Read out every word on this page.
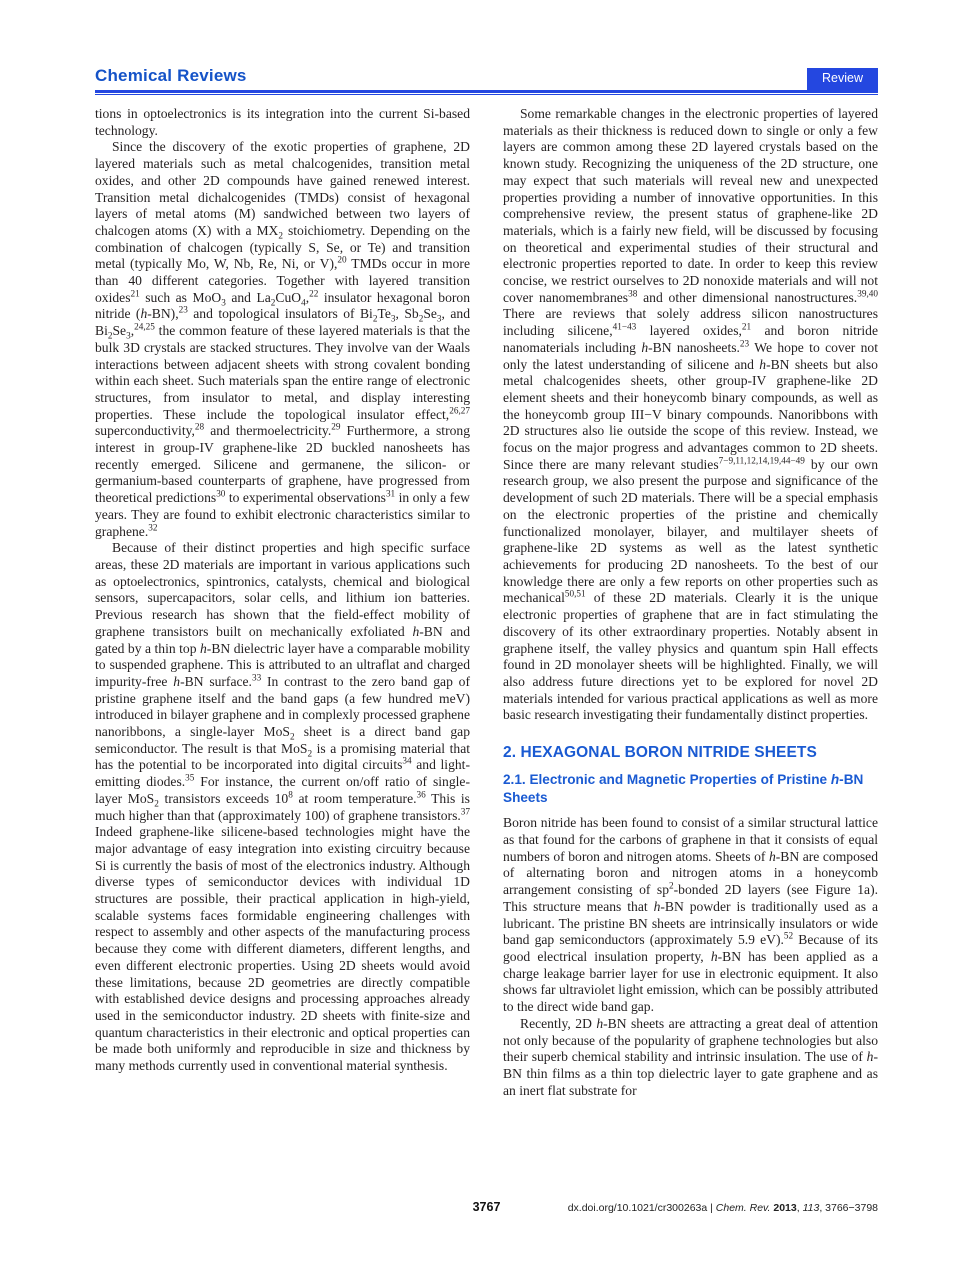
Chemical Reviews	Review

tions in optoelectronics is its integration into the current Si-based technology.

Since the discovery of the exotic properties of graphene, 2D layered materials such as metal chalcogenides, transition metal oxides, and other 2D compounds have gained renewed interest. Transition metal dichalcogenides (TMDs) consist of hexagonal layers of metal atoms (M) sandwiched between two layers of chalcogen atoms (X) with a $MX_2$ stoichiometry. Depending on the combination of chalcogen (typically S, Se, or Te) and transition metal (typically Mo, W, Nb, Re, Ni, or V),$^{20}$ TMDs occur in more than 40 different categories. Together with layered transition oxides$^{21}$ such as MoO$_3$ and $La_2CuO_4,^{22}$ insulator hexagonal boron nitride (h-BN),$^{23}$ and topological insulators of $Bi_2Te_3$, $Sb_2Se_3$, and $Bi_2Se_3,^{24,25}$ the common feature of these layered materials is that the bulk 3D crystals are stacked structures. They involve van der Waals interactions between adjacent sheets with strong covalent bonding within each sheet. Such materials span the entire range of electronic structures, from insulator to metal, and display interesting properties. These include the topological insulator effect,$^{26,27}$ superconductivity,$^{28}$ and thermoelectricity.$^{29}$ Furthermore, a strong interest in group-IV graphene-like 2D buckled nanosheets has recently emerged. Silicene and germanene, the silicon- or germanium-based counterparts of graphene, have progressed from theoretical predictions$^{30}$ to experimental observations$^{31}$ in only a few years. They are found to exhibit electronic characteristics similar to graphene.$^{32}$

Because of their distinct properties and high specific surface areas, these 2D materials are important in various applications such as optoelectronics, spintronics, catalysts, chemical and biological sensors, supercapacitors, solar cells, and lithium ion batteries. Previous research has shown that the field-effect mobility of graphene transistors built on mechanically exfoliated h-BN and gated by a thin top h-BN dielectric layer have a comparable mobility to suspended graphene. This is attributed to an ultraflat and charged impurity-free h-BN surface.$^{33}$ In contrast to the zero band gap of pristine graphene itself and the band gaps (a few hundred meV) introduced in bilayer graphene and in complexly processed graphene nanoribbons, a single-layer MoS$_2$ sheet is a direct band gap semiconductor. The result is that MoS$_2$ is a promising material that has the potential to be incorporated into digital circuits$^{34}$ and light-emitting diodes.$^{35}$ For instance, the current on/off ratio of single-layer MoS$_2$ transistors exceeds $10^8$ at room temperature.$^{36}$ This is much higher than that (approximately 100) of graphene transistors.$^{37}$ Indeed graphene-like silicene-based technologies might have the major advantage of easy integration into existing circuitry because Si is currently the basis of most of the electronics industry. Although diverse types of semiconductor devices with individual 1D structures are possible, their practical application in high-yield, scalable systems faces formidable engineering challenges with respect to assembly and other aspects of the manufacturing process because they come with different diameters, different lengths, and even different electronic properties. Using 2D sheets would avoid these limitations, because 2D geometries are directly compatible with established device designs and processing approaches already used in the semiconductor industry. 2D sheets with finite-size and quantum characteristics in their electronic and optical properties can be made both uniformly and reproducible in size and thickness by many methods currently used in conventional material synthesis.

Some remarkable changes in the electronic properties of layered materials as their thickness is reduced down to single or only a few layers are common among these 2D layered crystals based on the known study. Recognizing the uniqueness of the 2D structure, one may expect that such materials will reveal new and unexpected properties providing a number of innovative opportunities. In this comprehensive review, the present status of graphene-like 2D materials, which is a fairly new field, will be discussed by focusing on theoretical and experimental studies of their structural and electronic properties reported to date. In order to keep this review concise, we restrict ourselves to 2D nonoxide materials and will not cover nanomembranes$^{38}$ and other dimensional nanostructures.$^{39,40}$ There are reviews that solely address silicon nanostructures including silicene,$^{41-43}$ layered oxides,$^{21}$ and boron nitride nanomaterials including h-BN nanosheets.$^{23}$ We hope to cover not only the latest understanding of silicene and h-BN sheets but also metal chalcogenides sheets, other group-IV graphene-like 2D element sheets and their honeycomb binary compounds, as well as the honeycomb group III−V binary compounds. Nanoribbons with 2D structures also lie outside the scope of this review. Instead, we focus on the major progress and advantages common to 2D sheets. Since there are many relevant studies$^{7-9,11,12,14,19,44-49}$ by our own research group, we also present the purpose and significance of the development of such 2D materials. There will be a special emphasis on the electronic properties of the pristine and chemically functionalized monolayer, bilayer, and multilayer sheets of graphene-like 2D systems as well as the latest synthetic achievements for producing 2D nanosheets. To the best of our knowledge there are only a few reports on other properties such as mechanical$^{50,51}$ of these 2D materials. Clearly it is the unique electronic properties of graphene that are in fact stimulating the discovery of its other extraordinary properties. Notably absent in graphene itself, the valley physics and quantum spin Hall effects found in 2D monolayer sheets will be highlighted. Finally, we will also address future directions yet to be explored for novel 2D materials intended for various practical applications as well as more basic research investigating their fundamentally distinct properties.

2. HEXAGONAL BORON NITRIDE SHEETS
2.1. Electronic and Magnetic Properties of Pristine h-BN Sheets

Boron nitride has been found to consist of a similar structural lattice as that found for the carbons of graphene in that it consists of equal numbers of boron and nitrogen atoms. Sheets of h-BN are composed of alternating boron and nitrogen atoms in a honeycomb arrangement consisting of $sp^2$-bonded 2D layers (see Figure 1a). This structure means that h-BN powder is traditionally used as a lubricant. The pristine BN sheets are intrinsically insulators or wide band gap semiconductors (approximately 5.9 eV).$^{52}$ Because of its good electrical insulation property, h-BN has been applied as a charge leakage barrier layer for use in electronic equipment. It also shows far ultraviolet light emission, which can be possibly attributed to the direct wide band gap.

Recently, 2D h-BN sheets are attracting a great deal of attention not only because of the popularity of graphene technologies but also their superb chemical stability and intrinsic insulation. The use of h-BN thin films as a thin top dielectric layer to gate graphene and as an inert flat substrate for

3767	dx.doi.org/10.1021/cr300263a | Chem. Rev. 2013, 113, 3766−3798
